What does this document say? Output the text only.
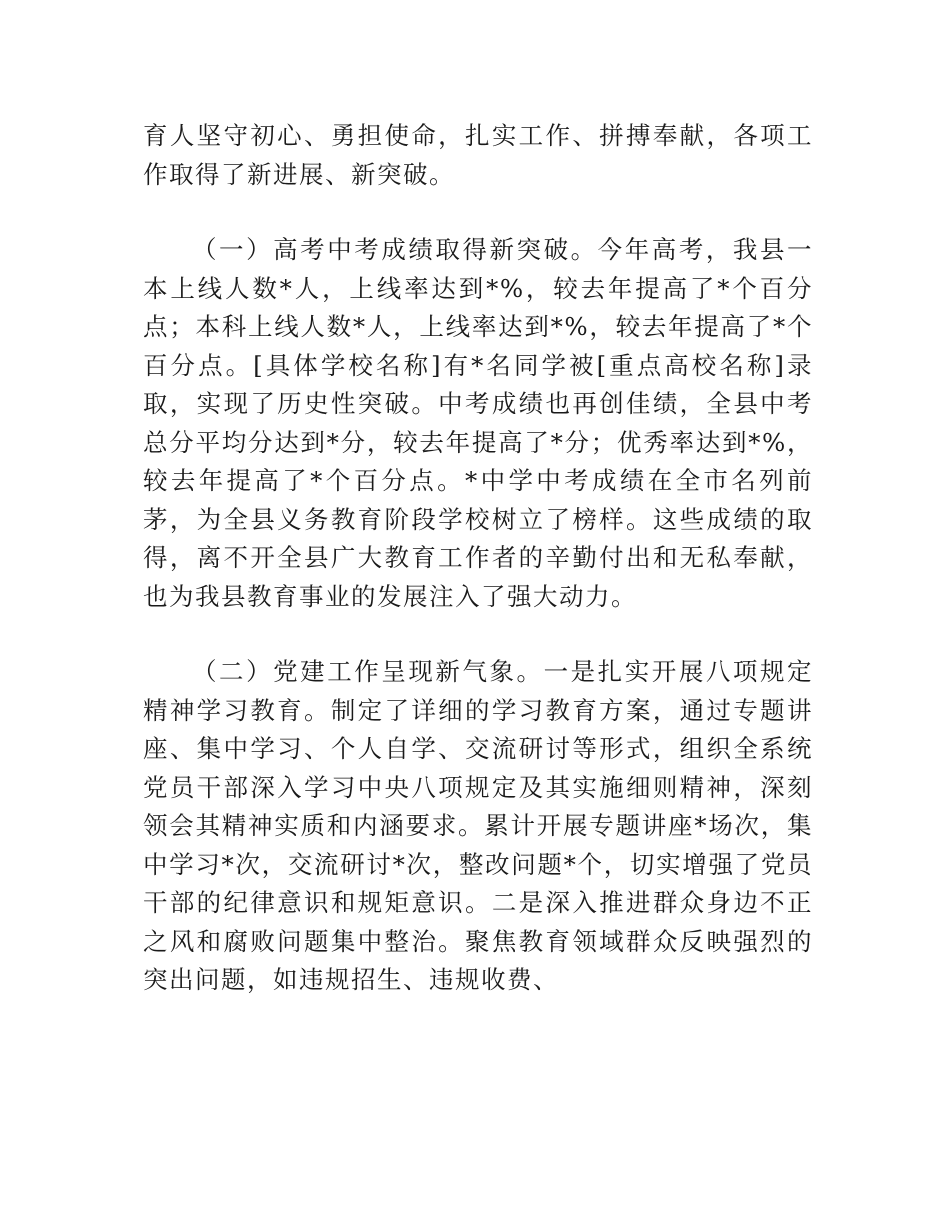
育人坚守初心、勇担使命，扎实工作、拼搏奉献，各项工作取得了新进展、新突破。

（一）高考中考成绩取得新突破。今年高考，我县一本上线人数*人，上线率达到*%，较去年提高了*个百分点；本科上线人数*人，上线率达到*%，较去年提高了*个百分点。[具体学校名称]有*名同学被[重点高校名称]录取，实现了历史性突破。中考成绩也再创佳绩，全县中考总分平均分达到*分，较去年提高了*分；优秀率达到*%，较去年提高了*个百分点。*中学中考成绩在全市名列前茅，为全县义务教育阶段学校树立了榜样。这些成绩的取得，离不开全县广大教育工作者的辛勤付出和无私奉献，也为我县教育事业的发展注入了强大动力。

（二）党建工作呈现新气象。一是扎实开展八项规定精神学习教育。制定了详细的学习教育方案，通过专题讲座、集中学习、个人自学、交流研讨等形式，组织全系统党员干部深入学习中央八项规定及其实施细则精神，深刻领会其精神实质和内涵要求。累计开展专题讲座*场次，集中学习*次，交流研讨*次，整改问题*个，切实增强了党员干部的纪律意识和规矩意识。二是深入推进群众身边不正之风和腐败问题集中整治。聚焦教育领域群众反映强烈的突出问题，如违规招生、违规收费、
